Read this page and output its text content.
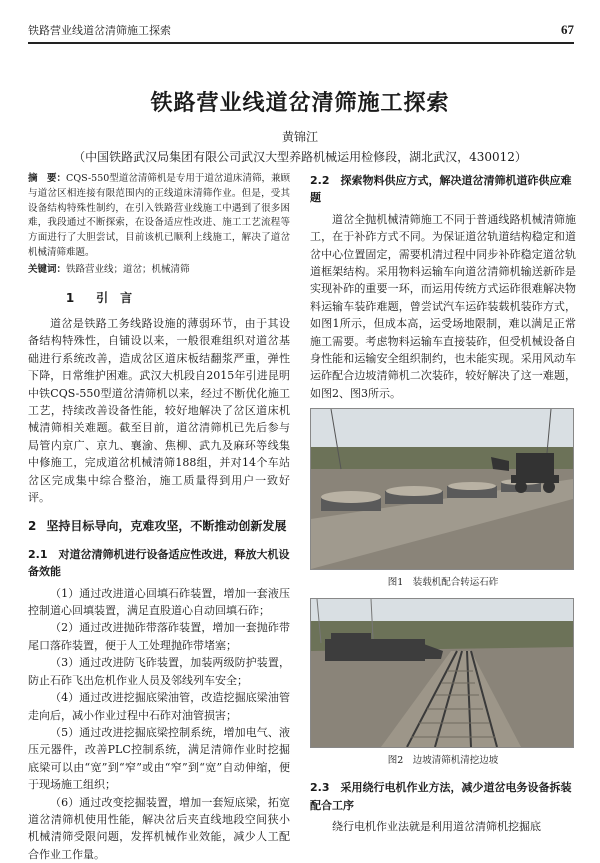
铁路营业线道岔清筛施工探索	67
铁路营业线道岔清筛施工探索
黄锦江
（中国铁路武汉局集团有限公司武汉大型养路机械运用检修段，湖北武汉，430012）

摘　要：CQS-550型道岔清筛机是专用于道岔道床清筛，兼顾与道岔区相连接有限范围内的正线道床清筛作业。但是，受其设备结构特殊性制约，在引入铁路营业线施工中遇到了很多困难，我段通过不断探索，在设备适应性改进、施工工艺流程等方面进行了大胆尝试，目前该机已顺利上线施工，解决了道岔机械清筛难题。

关键词：铁路营业线；道岔；机械清筛
1 引　言

道岔是铁路工务线路设施的薄弱环节，由于其设备结构特殊性，自铺设以来，一般很难组织对道岔基础进行系统改善，造成岔区道床板结翻浆严重，弹性下降，日常维护困难。武汉大机段自2015年引进昆明中铁CQS-550型道岔清筛机以来，经过不断优化施工工艺，持续改善设备性能，较好地解决了岔区道床机械清筛相关难题。截至目前，道岔清筛机已先后参与局管内京广、京九、襄渝、焦柳、武九及麻环等线集中修施工，完成道岔机械清筛188组，并对14个车站岔区完成集中综合整治，施工质量得到用户一致好评。

2 坚持目标导向，克难攻坚，不断推动创新发展
2.1　对道岔清筛机进行设备适应性改进，释放大机设备效能

（1）通过改进道心回填石砟装置，增加一套液压控制道心回填装置，满足直股道心自动回填石砟；

（2）通过改进抛砟带落砟装置，增加一套抛砟带尾口落砟装置，便于人工处理抛砟带堵塞；

（3）通过改进防飞砟装置，加装两级防护装置，防止石砟飞出危机作业人员及邻线列车安全；

（4）通过改进挖掘底梁油管，改造挖掘底梁油管走向后，减小作业过程中石砟对油管损害；

（5）通过改进挖掘底梁控制系统，增加电气、液压元器件，改善PLC控制系统，满足清筛作业时挖掘底梁可以由“宽”到“窄”或由“窄”到“宽”自动伸缩，便于现场施工组织；

（6）通过改变挖掘装置，增加一套短底梁，拓宽道岔清筛机使用性能，解决岔后夹直线地段空间狭小机械清筛受限问题，发挥机械作业效能，减少人工配合作业工作量。

2.2　探索物料供应方式，解决道岔清筛机道砟供应难题

道岔全抛机械清筛施工不同于普通线路机械清筛施工，在于补砟方式不同。为保证道岔轨道结构稳定和道岔中心位置固定，需要机清过程中同步补砟稳定道岔轨道框架结构。采用物料运输车向道岔清筛机输送新砟是实现补砟的重要一环，而运用传统方式运砟很难解决物料运输车装砟难题，曾尝试汽车运砟装载机装砟方式，如图1所示，但成本高，运受场地限制，难以满足正常施工需要。考虑物料运输车直接装砟，但受机械设备自身性能和运输安全组织制约，也未能实现。采用风动车运砟配合边坡清筛机二次装砟，较好解决了这一难题，如图2、图3所示。

图1　装载机配合转运石砟
图2　边坡清筛机清挖边坡
2.3　采用绕行电机作业方法，减少道岔电务设备拆装配合工序

绕行电机作业法就是利用道岔清筛机挖掘底
